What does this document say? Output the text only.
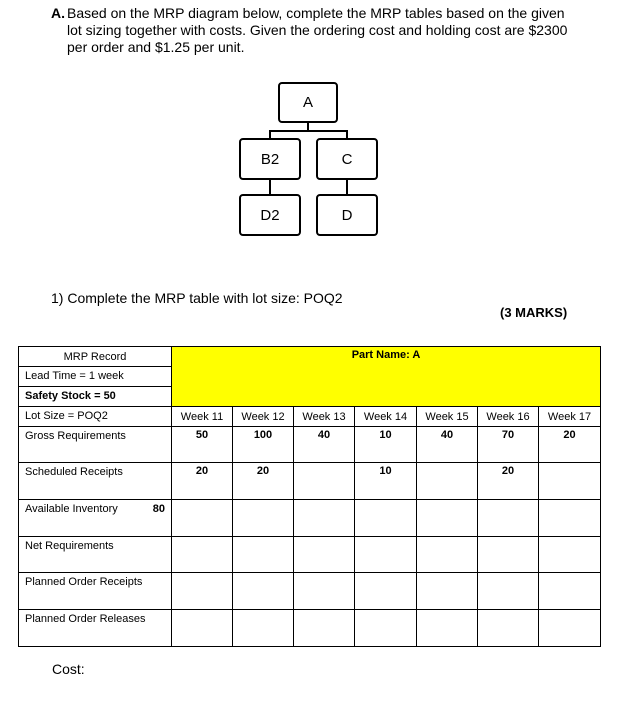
A. Based on the MRP diagram below, complete the MRP tables based on the given lot sizing together with costs. Given the ordering cost and holding cost are $2300 per order and $1.25 per unit.
A
B2	C
D2	D
1) Complete the MRP table with lot size: POQ2
(3 MARKS)
MRP Record	Part Name: A						
Lead Time = 1 week							
Safety Stock = 50							
Lot Size = POQ2	Week 11	Week 12	Week 13	Week 14	Week 15	Week 16	Week 17
Gross Requirements	50	100	40	10	40	70	20
Scheduled Receipts	20	20		10		20	

Available Inventory 80							

Net Requirements							
Planned Order Receipts							
Planned Order Releases							
Cost:
